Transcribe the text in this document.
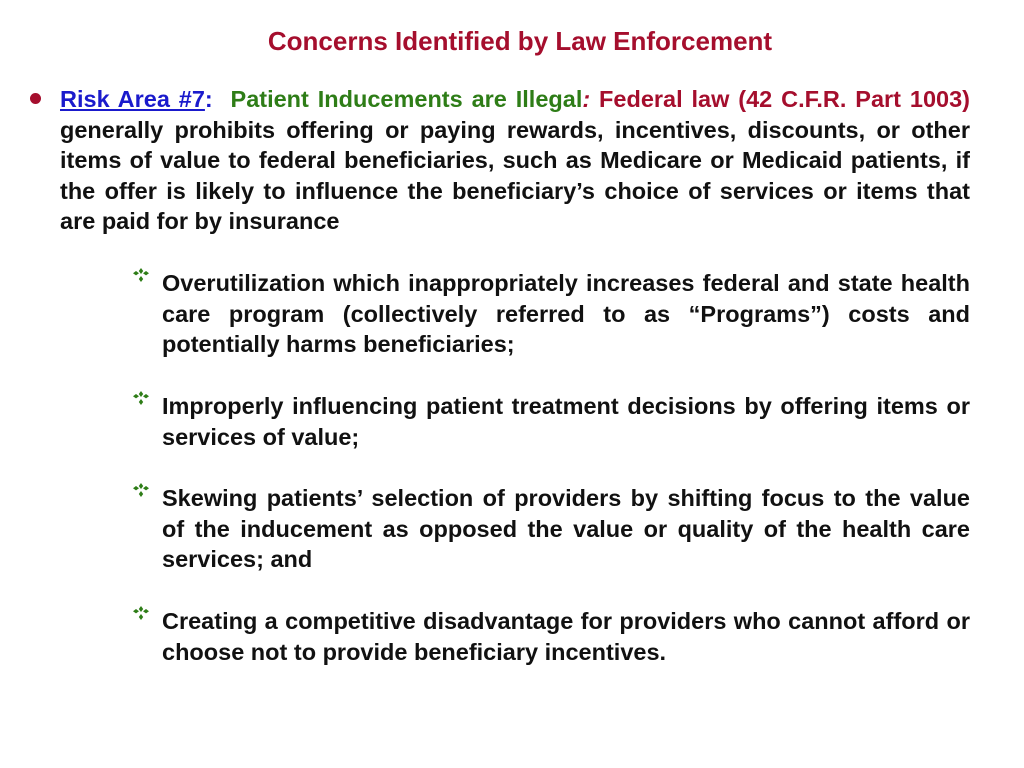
Concerns Identified by Law Enforcement

Risk Area #7: Patient Inducements are Illegal: Federal law (42 C.F.R. Part 1003) generally prohibits offering or paying rewards, incentives, discounts, or other items of value to federal beneficiaries, such as Medicare or Medicaid patients, if the offer is likely to influence the beneficiary’s choice of services or items that are paid for by insurance

Overutilization which inappropriately increases federal and state health care program (collectively referred to as “Programs”) costs and potentially harms beneficiaries;

Improperly influencing patient treatment decisions by offering items or services of value;

Skewing patients’ selection of providers by shifting focus to the value of the inducement as opposed the value or quality of the health care services; and

Creating a competitive disadvantage for providers who cannot afford or choose not to provide beneficiary incentives.
